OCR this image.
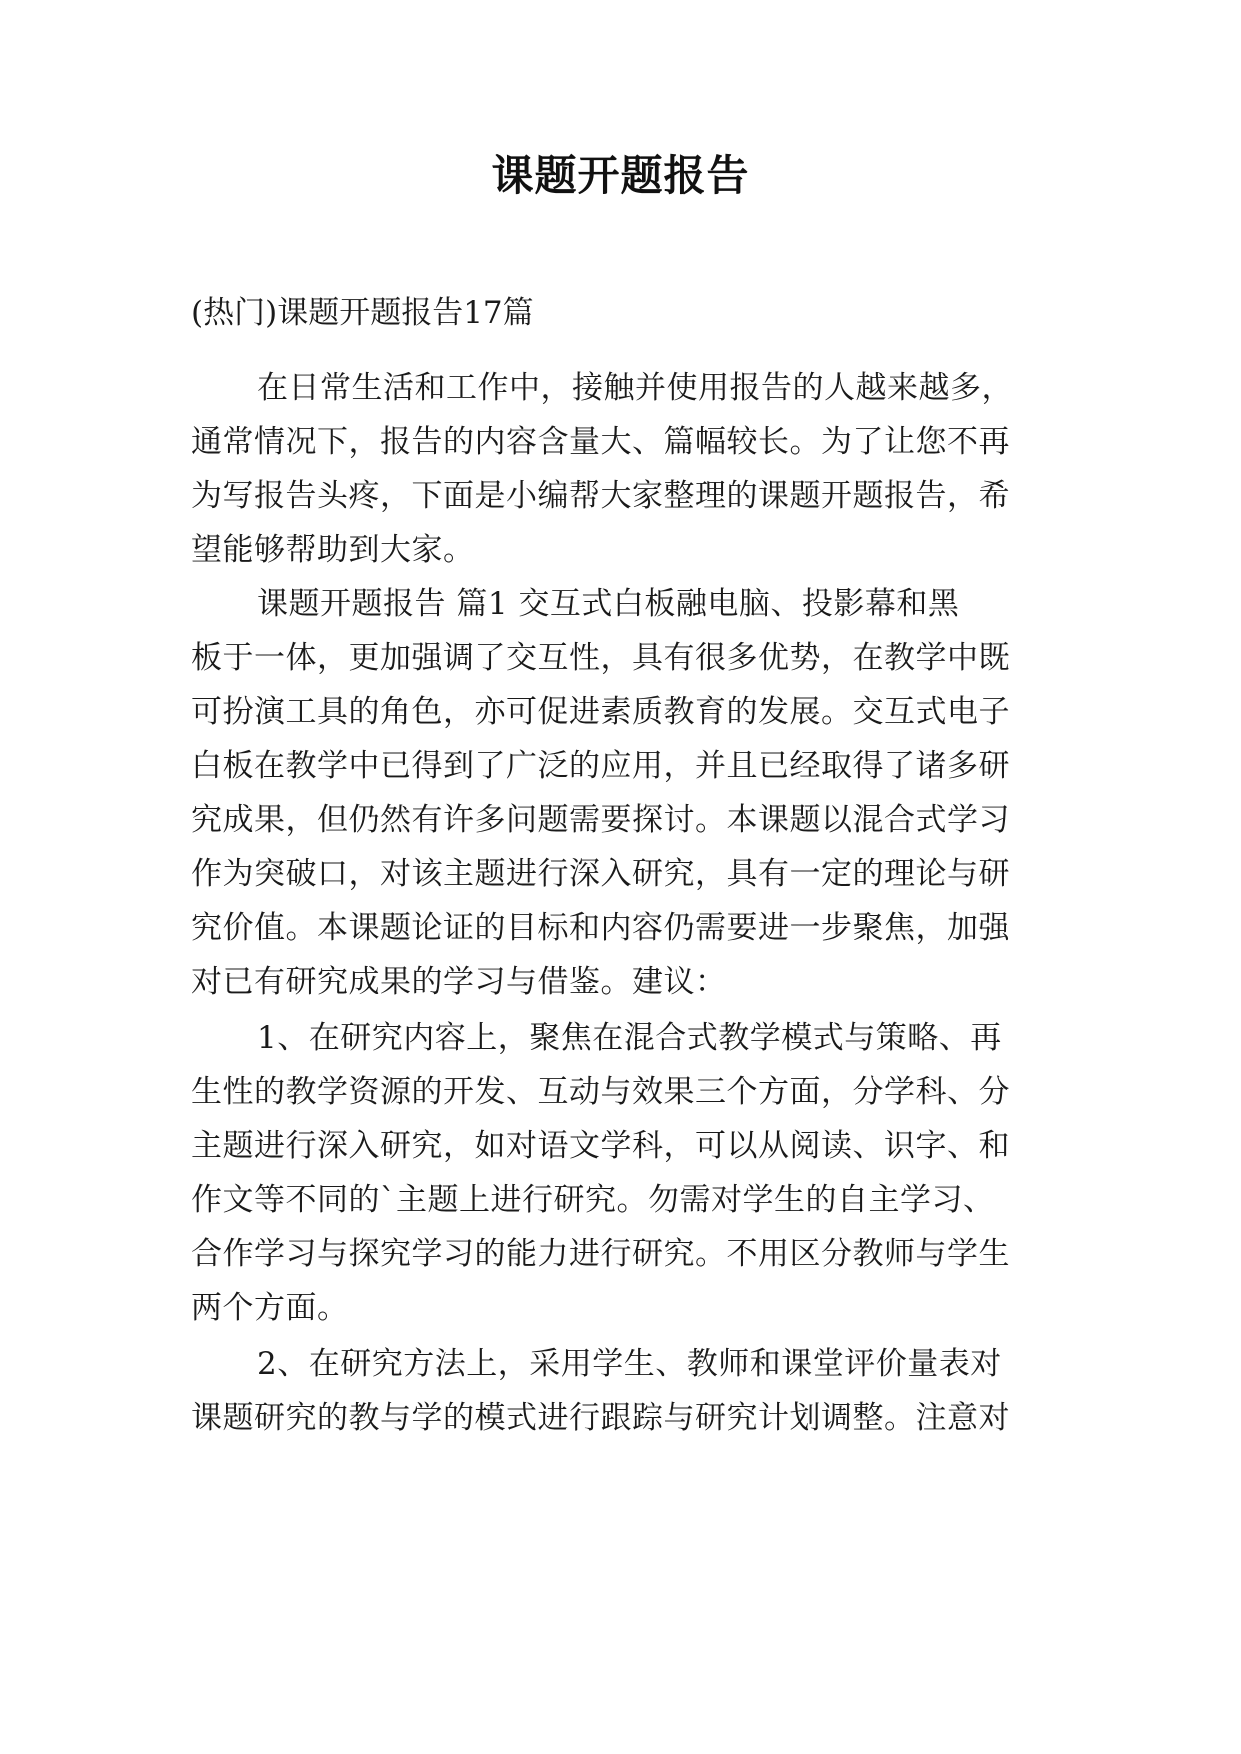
课题开题报告
(热门)课题开题报告17篇
在日常生活和工作中，接触并使用报告的人越来越多，
通常情况下，报告的内容含量大、篇幅较长。为了让您不再
为写报告头疼，下面是小编帮大家整理的课题开题报告，希
望能够帮助到大家。
课题开题报告 篇1 交互式白板融电脑、投影幕和黑
板于一体，更加强调了交互性，具有很多优势，在教学中既
可扮演工具的角色，亦可促进素质教育的发展。交互式电子
白板在教学中已得到了广泛的应用，并且已经取得了诸多研
究成果，但仍然有许多问题需要探讨。本课题以混合式学习
作为突破口，对该主题进行深入研究，具有一定的理论与研
究价值。本课题论证的目标和内容仍需要进一步聚焦，加强
对已有研究成果的学习与借鉴。建议：
1、在研究内容上，聚焦在混合式教学模式与策略、再
生性的教学资源的开发、互动与效果三个方面，分学科、分
主题进行深入研究，如对语文学科，可以从阅读、识字、和
作文等不同的`主题上进行研究。勿需对学生的自主学习、
合作学习与探究学习的能力进行研究。不用区分教师与学生
两个方面。
2、在研究方法上，采用学生、教师和课堂评价量表对
课题研究的教与学的模式进行跟踪与研究计划调整。注意对
